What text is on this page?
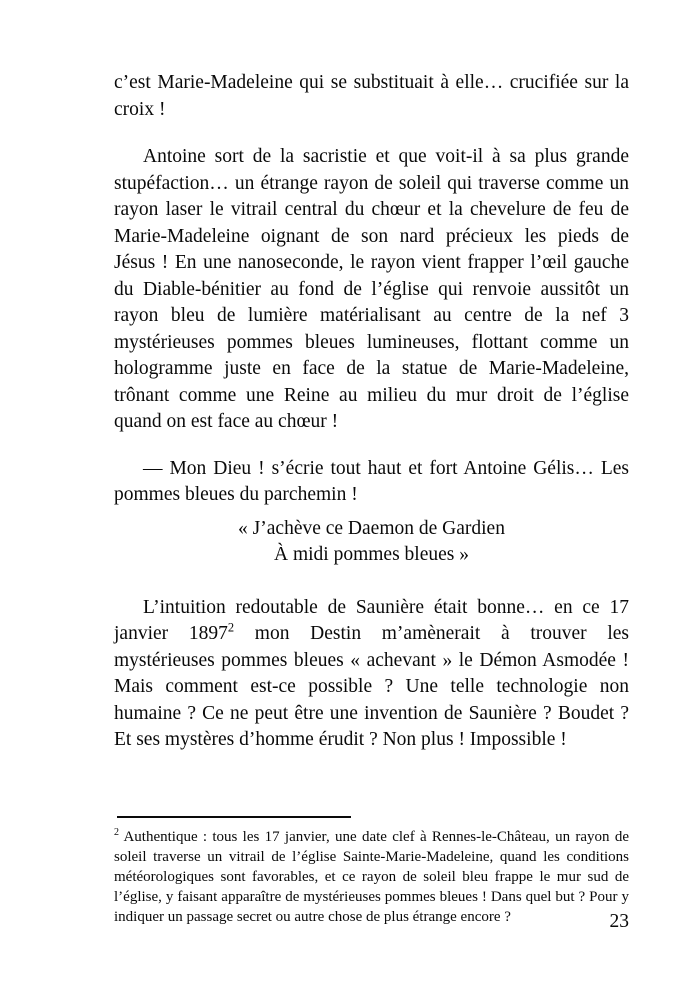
c’est Marie-Madeleine qui se substituait à elle… crucifiée sur la
croix !
Antoine sort de la sacristie et que voit-il à sa plus grande
stupéfaction… un étrange rayon de soleil qui traverse comme un
rayon laser le vitrail central du chœur et la chevelure de feu de
Marie-Madeleine oignant de son nard précieux les pieds de
Jésus ! En une nanoseconde, le rayon vient frapper l’œil gauche
du Diable-bénitier au fond de l’église qui renvoie aussitôt un
rayon bleu de lumière matérialisant au centre de la nef 3
mystérieuses pommes bleues lumineuses, flottant comme un
hologramme juste en face de la statue de Marie-Madeleine,
trônant comme une Reine au milieu du mur droit de l’église
quand on est face au chœur !
— Mon Dieu ! s’écrie tout haut et fort Antoine Gélis… Les
pommes bleues du parchemin !
« J’achève ce Daemon de Gardien
À midi pommes bleues »
L’intuition redoutable de Saunière était bonne… en ce 17
janvier 1897$^2$ mon Destin m’amènerait à trouver les
mystérieuses pommes bleues « achevant » le Démon Asmodée !
Mais comment est-ce possible ? Une telle technologie non
humaine ? Ce ne peut être une invention de Saunière ? Boudet ?
Et ses mystères d’homme érudit ? Non plus ! Impossible !
$^2$ Authentique : tous les 17 janvier, une date clef à Rennes-le-Château, un rayon de
soleil traverse un vitrail de l’église Sainte-Marie-Madeleine, quand les conditions
météorologiques sont favorables, et ce rayon de soleil bleu frappe le mur sud de
l’église, y faisant apparaître de mystérieuses pommes bleues ! Dans quel but ? Pour y
indiquer un passage secret ou autre chose de plus étrange encore ?	23
